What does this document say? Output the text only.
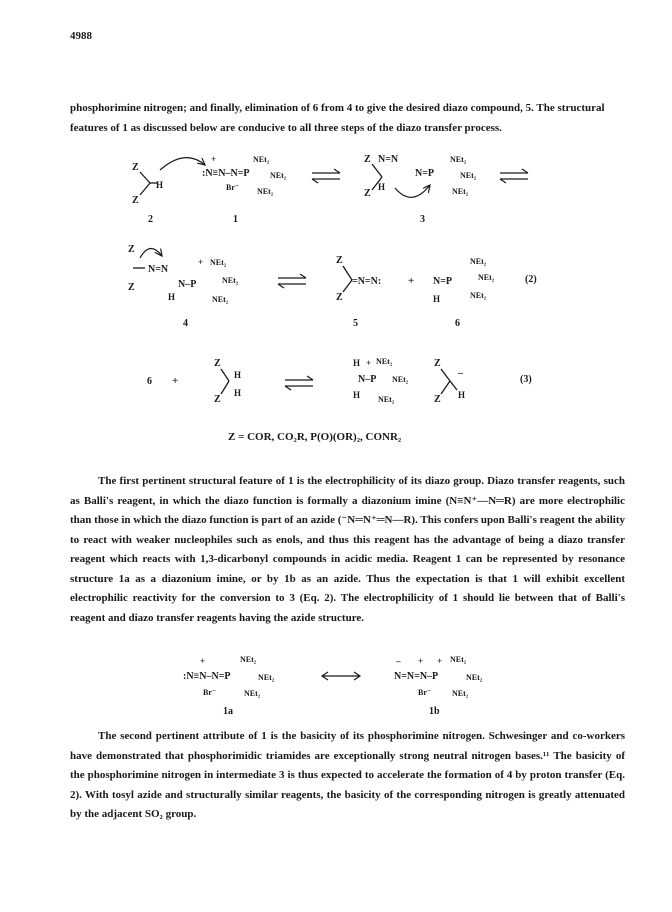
4988
phosphorimine nitrogen; and finally, elimination of 6 from 4 to give the desired diazo compound, 5. The structural
features of 1 as discussed below are conducive to all three steps of the diazo transfer process.
Z
Z
H
2
:N≡N–N=P
+	NEt₂
NEt₂
NEt₂
Br⁻
1
Z
Z
H
N=N
N=P
NEt₂
NEt₂
NEt₂
3
Z
Z
N=N
N–P
+ NEt₂
NEt₂
NEt₂
H
4
Z
Z
=N=N:
5
+ N=P
H
NEt₂
NEt₂
NEt₂
6
(2)
6 +
Z
Z
H
H
H + NEt₂
N–P NEt₂
H NEt₂
Z
Z H
–
(3)
Z = COR, CO₂R, P(O)(OR)₂, CONR₂
The first pertinent structural feature of 1 is the electrophilicity of its diazo group. Diazo transfer reagents, such as Balli's reagent, in which the diazo function is formally a diazonium imine (N≡N⁺—N═R) are more electrophilic than those in which the diazo function is part of an azide (⁻N═N⁺═N—R). This confers upon Balli's reagent the ability to react with weaker nucleophiles such as enols, and thus this reagent has the advantage of being a diazo transfer reagent which reacts with 1,3-dicarbonyl compounds in acidic media. Reagent 1 can be represented by resonance structure 1a as a diazonium imine, or by 1b as an azide. Thus the expectation is that 1 will exhibit excellent electrophilic reactivity for the conversion to 3 (Eq. 2). The electrophilicity of 1 should lie between that of Balli's reagent and diazo transfer reagents having the azide structure.
+
:N≡N–N=P
NEt₂
NEt₂
NEt₂
Br⁻
1a
– + +
N=N=N–P
NEt₂
NEt₂
NEt₂
Br⁻
1b
The second pertinent attribute of 1 is the basicity of its phosphorimine nitrogen. Schwesinger and co-workers have demonstrated that phosphorimidic triamides are exceptionally strong neutral nitrogen bases.¹¹ The basicity of the phosphorimine nitrogen in intermediate 3 is thus expected to accelerate the formation of 4 by proton transfer (Eq. 2). With tosyl azide and structurally similar reagents, the basicity of the corresponding nitrogen is greatly attenuated by the adjacent SO₂ group.
